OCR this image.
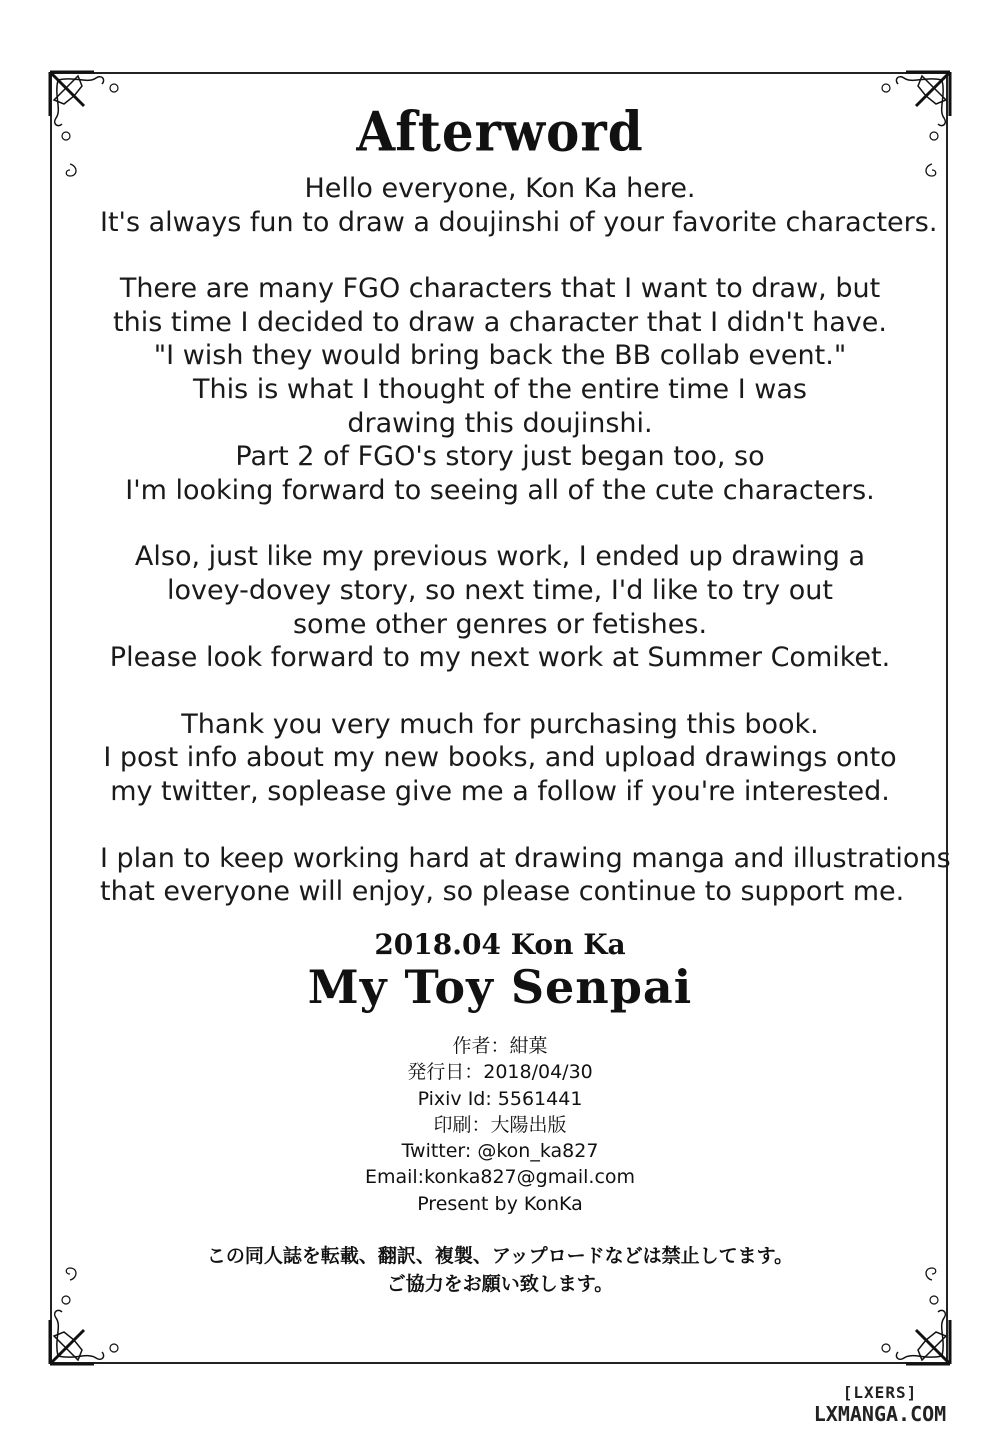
Afterword

Hello everyone, Kon Ka here.
It's always fun to draw a doujinshi of your favorite characters.

There are many FGO characters that I want to draw, but
this time I decided to draw a character that I didn't have.
"I wish they would bring back the BB collab event."
This is what I thought of the entire time I was
drawing this doujinshi.
Part 2 of FGO's story just began too, so
I'm looking forward to seeing all of the cute characters.

Also, just like my previous work, I ended up drawing a
lovey-dovey story, so next time, I'd like to try out
some other genres or fetishes.
Please look forward to my next work at Summer Comiket.

Thank you very much for purchasing this book.
I post info about my new books, and upload drawings onto
my twitter, soplease give me a follow if you're interested.

I plan to keep working hard at drawing manga and illustrations
that everyone will enjoy, so please continue to support me.

2018.04 Kon Ka
My Toy Senpai
作者：紺菓
発行日：2018/04/30
Pixiv Id: 5561441
印刷：大陽出版
Twitter: @kon_ka827
Email:konka827@gmail.com
Present by KonKa
この同人誌を転載、翻訳、複製、アップロードなどは禁止してます。
ご協力をお願い致します。
[LXERS]
LXMANGA.COM
